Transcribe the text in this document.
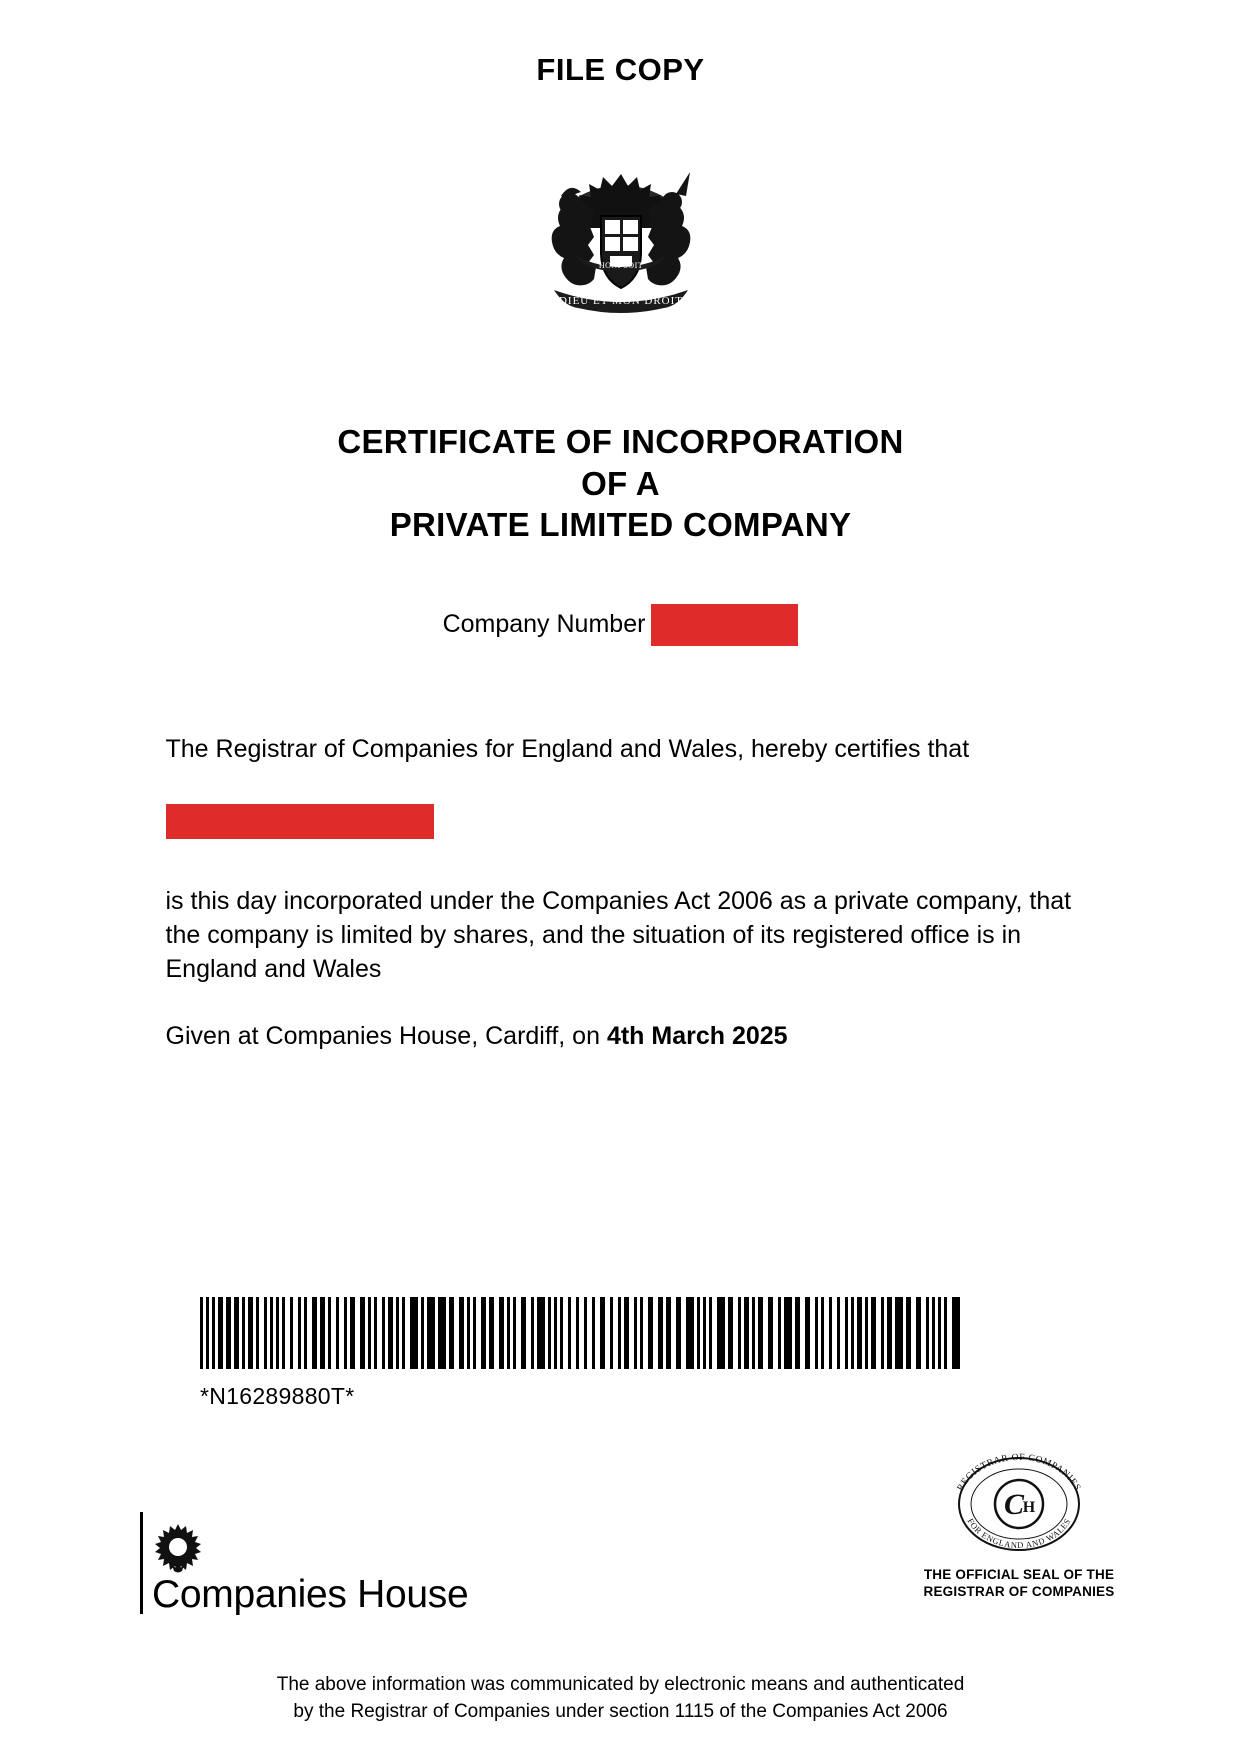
FILE COPY
DIEU ET MON DROIT
HONI SOIT
CERTIFICATE OF INCORPORATION
OF A
PRIVATE LIMITED COMPANY
Company Number
The Registrar of Companies for England and Wales, hereby certifies that
is this day incorporated under the Companies Act 2006 as a private company, that the company is limited by shares, and the situation of its registered office is in England and Wales
Given at Companies House, Cardiff, on 4th March 2025
*N16289880T*
Companies House
REGISTRAR OF COMPANIES
FOR ENGLAND AND WALES
C
H
THE OFFICIAL SEAL OF THE
REGISTRAR OF COMPANIES
The above information was communicated by electronic means and authenticated
by the Registrar of Companies under section 1115 of the Companies Act 2006
